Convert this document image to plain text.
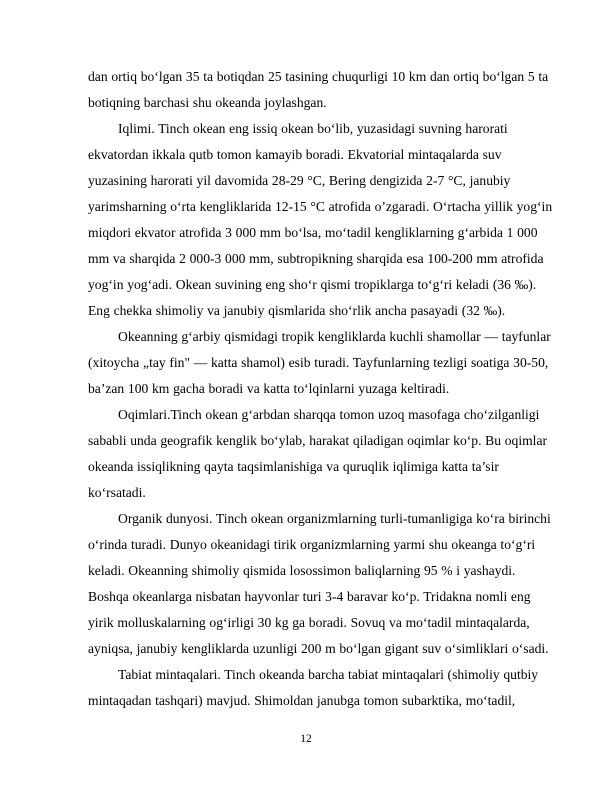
dan ortiq bo‘lgan 35 ta botiqdan 25 tasining chuqurligi 10 km dan ortiq bo‘lgan 5 ta botiqning barchasi shu okeanda joylashgan.

Iqlimi. Tinch okean eng issiq okean bo‘lib, yuzasidagi suvning harorati ekvatordan ikkala qutb tomon kamayib boradi. Ekvatorial mintaqalarda suv yuzasining harorati yil davomida 28-29 °C, Bering dengizida 2-7 °C, janubiy yarimsharning o‘rta kengliklarida 12-15 °C atrofida o’zgaradi. O‘rtacha yillik yog‘in miqdori ekvator atrofida 3 000 mm bo‘lsa, mo‘tadil kengliklarning g‘arbida 1 000 mm va sharqida 2 000-3 000 mm, subtropikning sharqida esa 100-200 mm atrofida yog‘in yog‘adi. Okean suvining eng sho‘r qismi tropiklarga to‘g‘ri keladi (36 ‰). Eng chekka shimoliy va janubiy qismlarida sho‘rlik ancha pasayadi (32 ‰).

Okeanning g‘arbiy qismidagi tropik kengliklarda kuchli shamollar — tayfunlar (xitoycha „tay fin" — katta shamol) esib turadi. Tayfunlarning tezligi soatiga 30-50, ba’zan 100 km gacha boradi va katta to‘lqinlarni yuzaga keltiradi.

Oqimlari.Tinch okean g‘arbdan sharqqa tomon uzoq masofaga cho‘zilganligi sababli unda geografik kenglik bo‘ylab, harakat qiladigan oqimlar ko‘p. Bu oqimlar okeanda issiqlikning qayta taqsimlanishiga va quruqlik iqlimiga katta ta’sir ko‘rsatadi.

Organik dunyosi. Tinch okean organizmlarning turli-tumanligiga ko‘ra birinchi o‘rinda turadi. Dunyo okeanidagi tirik organizmlarning yarmi shu okeanga to‘g‘ri keladi. Okeanning shimoliy qismida losossimon baliqlarning 95 % i yashaydi. Boshqa okeanlarga nisbatan hayvonlar turi 3-4 baravar ko‘p. Tridakna nomli eng yirik molluskalarning og‘irligi 30 kg ga boradi. Sovuq va mo‘tadil mintaqalarda, ayniqsa, janubiy kengliklarda uzunligi 200 m bo‘lgan gigant suv o‘simliklari o‘sadi.

Tabiat mintaqalari. Tinch okeanda barcha tabiat mintaqalari (shimoliy qutbiy mintaqadan tashqari) mavjud. Shimoldan janubga tomon subarktika, mo‘tadil,

12
